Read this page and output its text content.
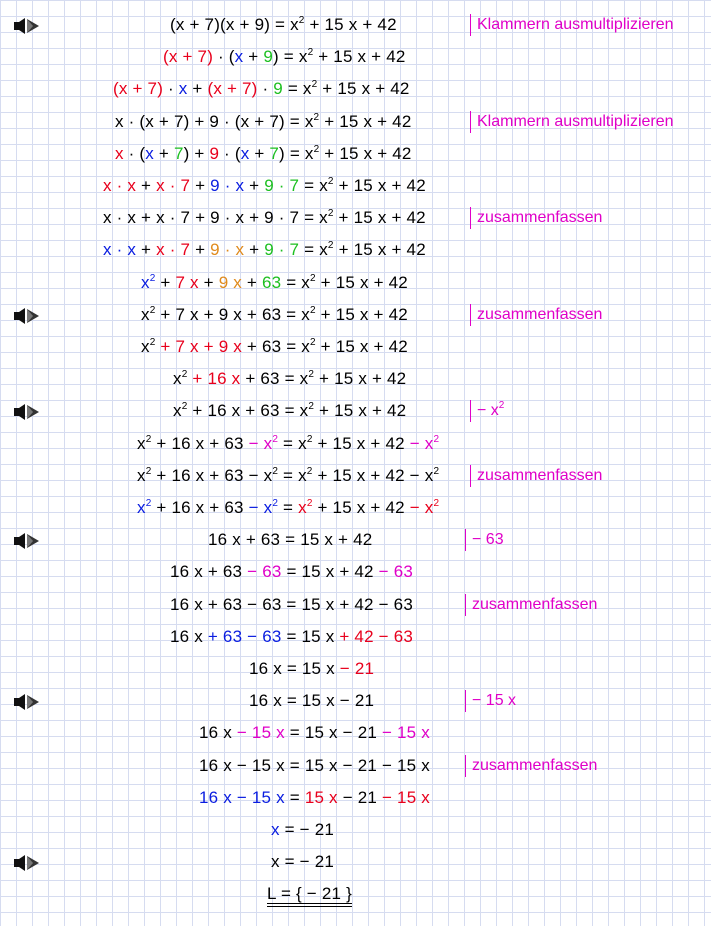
$(x + 7)(x + 9) = x^2 + 15$ x + 42	Klammern ausmultiplizieren
$(x + 7) \cdot (x + 9) = x^2 + 15$ x + 42
$(x + 7) \cdot x + (x + 7) \cdot 9 = x^2 + 15$ x + 42
$x \cdot (x + 7) + 9 \cdot (x + 7) = x^2 + 15$ x + 42	Klammern ausmultiplizieren
$x \cdot (x + 7) + 9 \cdot (x + 7) = x^2 + 15$ x + 42
$x \cdot x + x \cdot 7 + 9 \cdot x + 9 \cdot 7 = x^2 + 15$ x + 42
$x \cdot x + x \cdot 7 + 9 \cdot x + 9 \cdot 7 = x^2 + 15$ x + 42	zusammenfassen
$x \cdot x + x \cdot 7 + 9 \cdot x + 9 \cdot 7 = x^2 + 15$ x + 42
$x^2 + 7$ x + 9 $x + 63 = x^2 + 15$ x + 42
$x^2 + 7$ x + 9 $x + 63 = x^2 + 15$ x + 42	zusammenfassen
$x^2 + 7$ x + 9 $x + 63 = x^2 + 15$ x + 42
$x^2 + 16$ $x + 63 = x^2 + 15$ x + 42
$x^2 + 16$ $x + 63 = x^2 + 15$ x + 42	− $x^2$
$x^2 + 16$ $x + 63 - x^2 = x^2 + 15$ $x + 42 - x^2$
$x^2 + 16$ $x + 63 - x^2 = x^2 + 15$ $x + 42 - x^2$	zusammenfassen
$x^2 + 16$ $x + 63 - x^2 = x^2 + 15$ $x + 42 - x^2$
16 x + 63 = 15 x + 42	− 63
16 x + 63 − 63 = 15 x + 42 − 63
16 x + 63 − 63 = 15 x + 42 − 63	zusammenfassen
16 x + 63 − 63 = 15 x + 42 − 63
16 x = 15 x − 21
16 x = 15 x − 21	− 15 x
16 x − 15 x = 15 x − 21 − 15 x
16 x − 15 x = 15 x − 21 − 15 x	zusammenfassen
16 x − 15 x = 15 x − 21 − 15 x
x = − 21
x = − 21
L = { − 21 }
